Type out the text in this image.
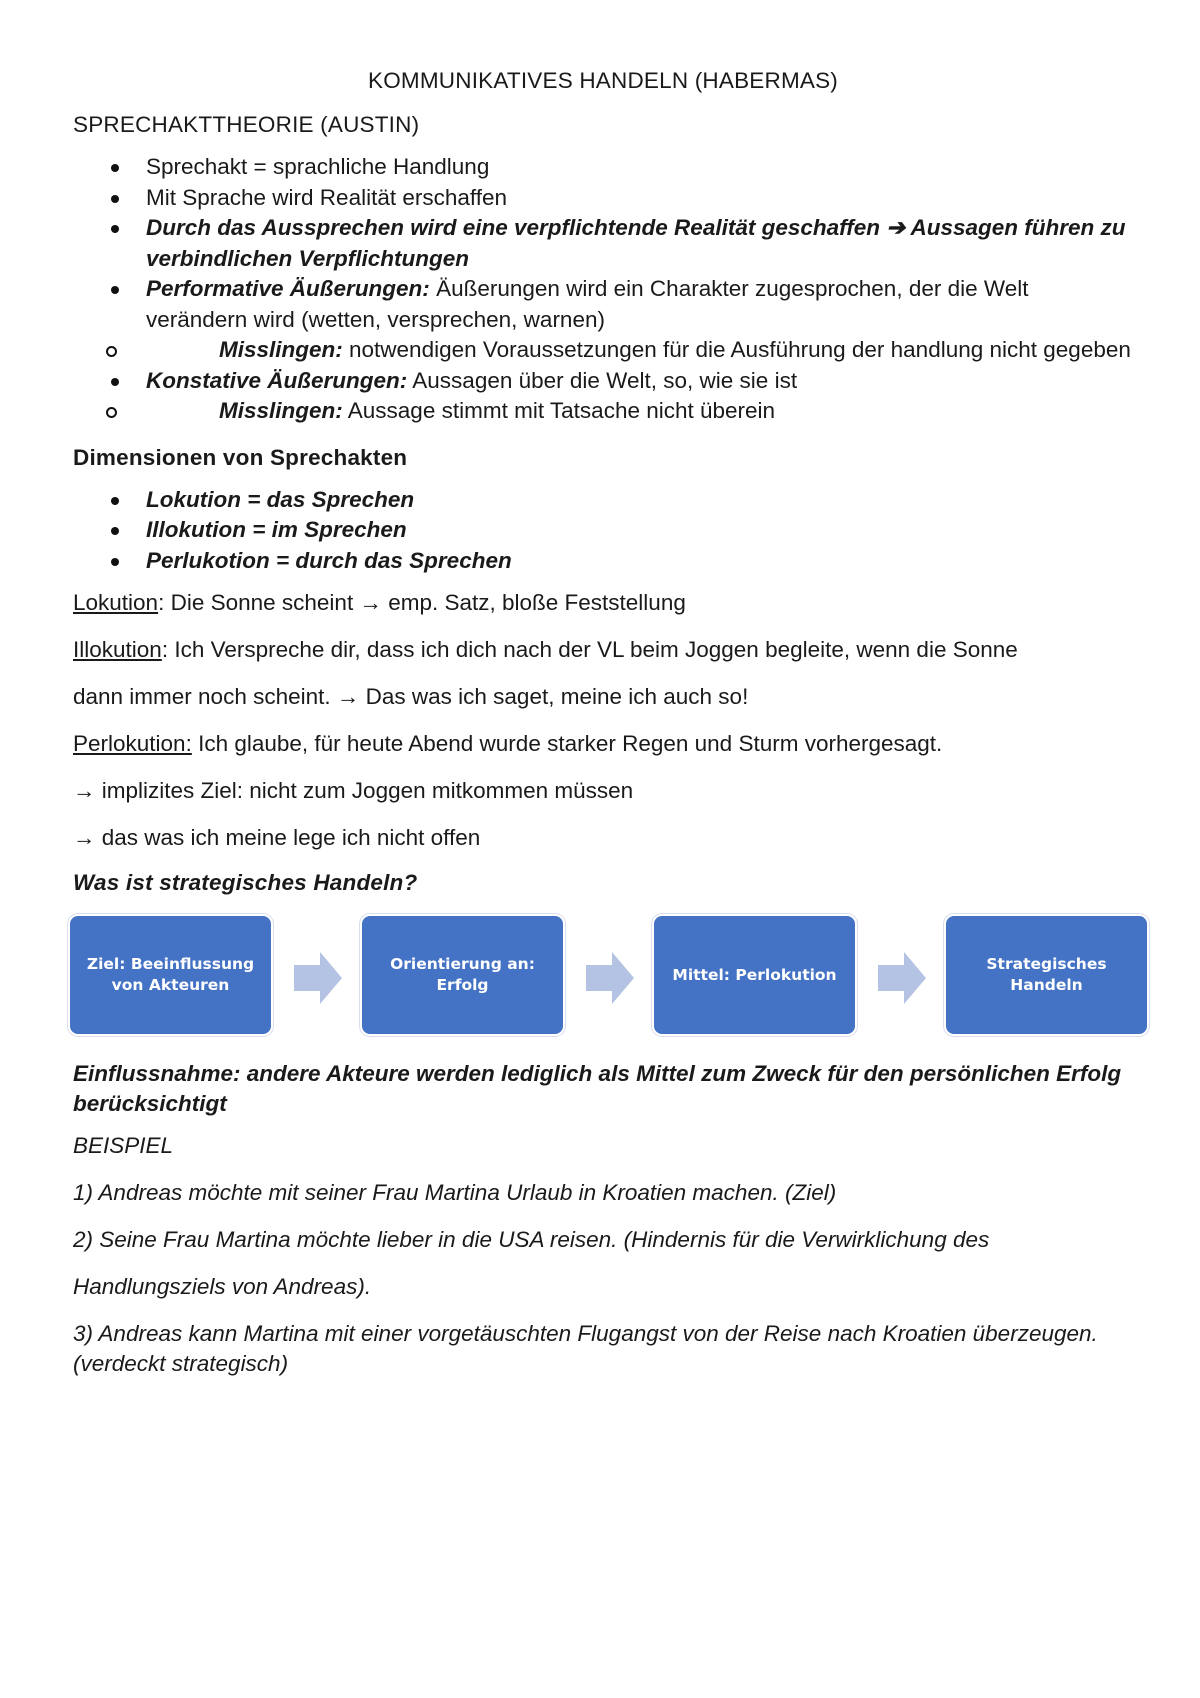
KOMMUNIKATIVES HANDELN (HABERMAS)
SPRECHAKTTHEORIE (AUSTIN)
Sprechakt = sprachliche Handlung
Mit Sprache wird Realität erschaffen
Durch das Aussprechen wird eine verpflichtende Realität geschaffen ➔ Aussagen führen zu verbindlichen Verpflichtungen
Performative Äußerungen: Äußerungen wird ein Charakter zugesprochen, der die Welt verändern wird (wetten, versprechen, warnen)
Misslingen: notwendigen Voraussetzungen für die Ausführung der handlung nicht gegeben
Konstative Äußerungen: Aussagen über die Welt, so, wie sie ist
Misslingen: Aussage stimmt mit Tatsache nicht überein
Dimensionen von Sprechakten
Lokution = das Sprechen
Illokution = im Sprechen
Perlukotion = durch das Sprechen

Lokution: Die Sonne scheint → emp. Satz, bloße Feststellung

Illokution: Ich Verspreche dir, dass ich dich nach der VL beim Joggen begleite, wenn die Sonne

dann immer noch scheint. → Das was ich saget, meine ich auch so!

Perlokution: Ich glaube, für heute Abend wurde starker Regen und Sturm vorhergesagt.

→ implizites Ziel: nicht zum Joggen mitkommen müssen

→ das was ich meine lege ich nicht offen

Was ist strategisches Handeln?
Ziel: Beeinflussung von Akteuren
Orientierung an: Erfolg
Mittel: Perlokution
Strategisches Handeln

Einflussnahme: andere Akteure werden lediglich als Mittel zum Zweck für den persönlichen Erfolg berücksichtigt

BEISPIEL

1) Andreas möchte mit seiner Frau Martina Urlaub in Kroatien machen. (Ziel)

2) Seine Frau Martina möchte lieber in die USA reisen. (Hindernis für die Verwirklichung des

Handlungsziels von Andreas).

3) Andreas kann Martina mit einer vorgetäuschten Flugangst von der Reise nach Kroatien überzeugen. (verdeckt strategisch)
